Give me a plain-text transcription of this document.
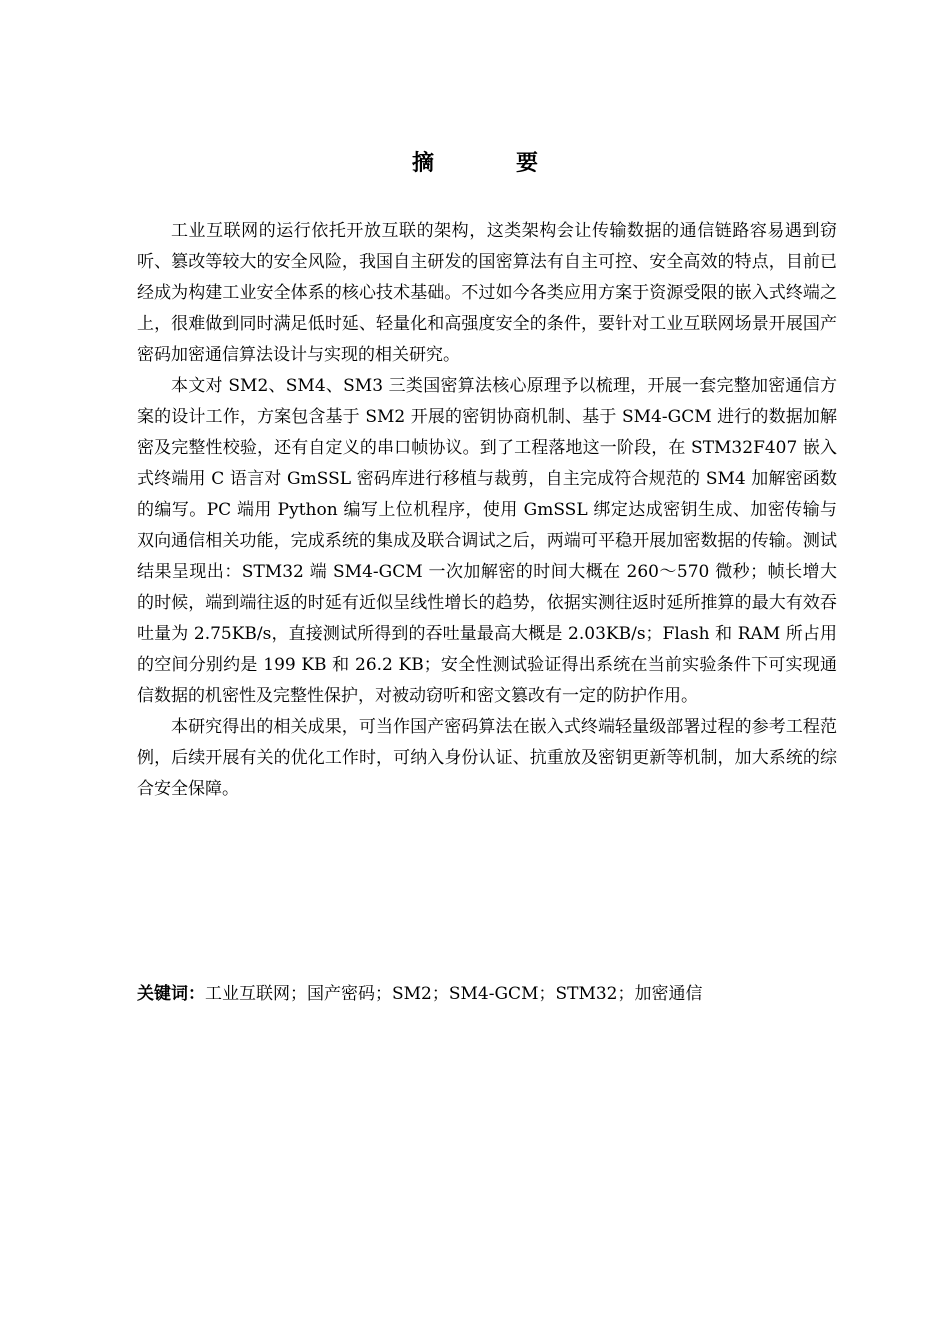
摘　要

工业互联网的运行依托开放互联的架构，这类架构会让传输数据的通信链路容易遇到窃听、篡改等较大的安全风险，我国自主研发的国密算法有自主可控、安全高效的特点，目前已经成为构建工业安全体系的核心技术基础。不过如今各类应用方案于资源受限的嵌入式终端之上，很难做到同时满足低时延、轻量化和高强度安全的条件，要针对工业互联网场景开展国产密码加密通信算法设计与实现的相关研究。

本文对 SM2、SM4、SM3 三类国密算法核心原理予以梳理，开展一套完整加密通信方案的设计工作，方案包含基于 SM2 开展的密钥协商机制、基于 SM4-GCM 进行的数据加解密及完整性校验，还有自定义的串口帧协议。到了工程落地这一阶段，在 STM32F407 嵌入式终端用 C 语言对 GmSSL 密码库进行移植与裁剪，自主完成符合规范的 SM4 加解密函数的编写。PC 端用 Python 编写上位机程序，使用 GmSSL 绑定达成密钥生成、加密传输与双向通信相关功能，完成系统的集成及联合调试之后，两端可平稳开展加密数据的传输。测试结果呈现出：STM32 端 SM4-GCM 一次加解密的时间大概在 260～570 微秒；帧长增大的时候，端到端往返的时延有近似呈线性增长的趋势，依据实测往返时延所推算的最大有效吞吐量为 2.75KB/s，直接测试所得到的吞吐量最高大概是 2.03KB/s；Flash 和 RAM 所占用的空间分别约是 199 KB 和 26.2 KB；安全性测试验证得出系统在当前实验条件下可实现通信数据的机密性及完整性保护，对被动窃听和密文篡改有一定的防护作用。

本研究得出的相关成果，可当作国产密码算法在嵌入式终端轻量级部署过程的参考工程范例，后续开展有关的优化工作时，可纳入身份认证、抗重放及密钥更新等机制，加大系统的综合安全保障。

关键词：工业互联网；国产密码；SM2；SM4-GCM；STM32；加密通信
